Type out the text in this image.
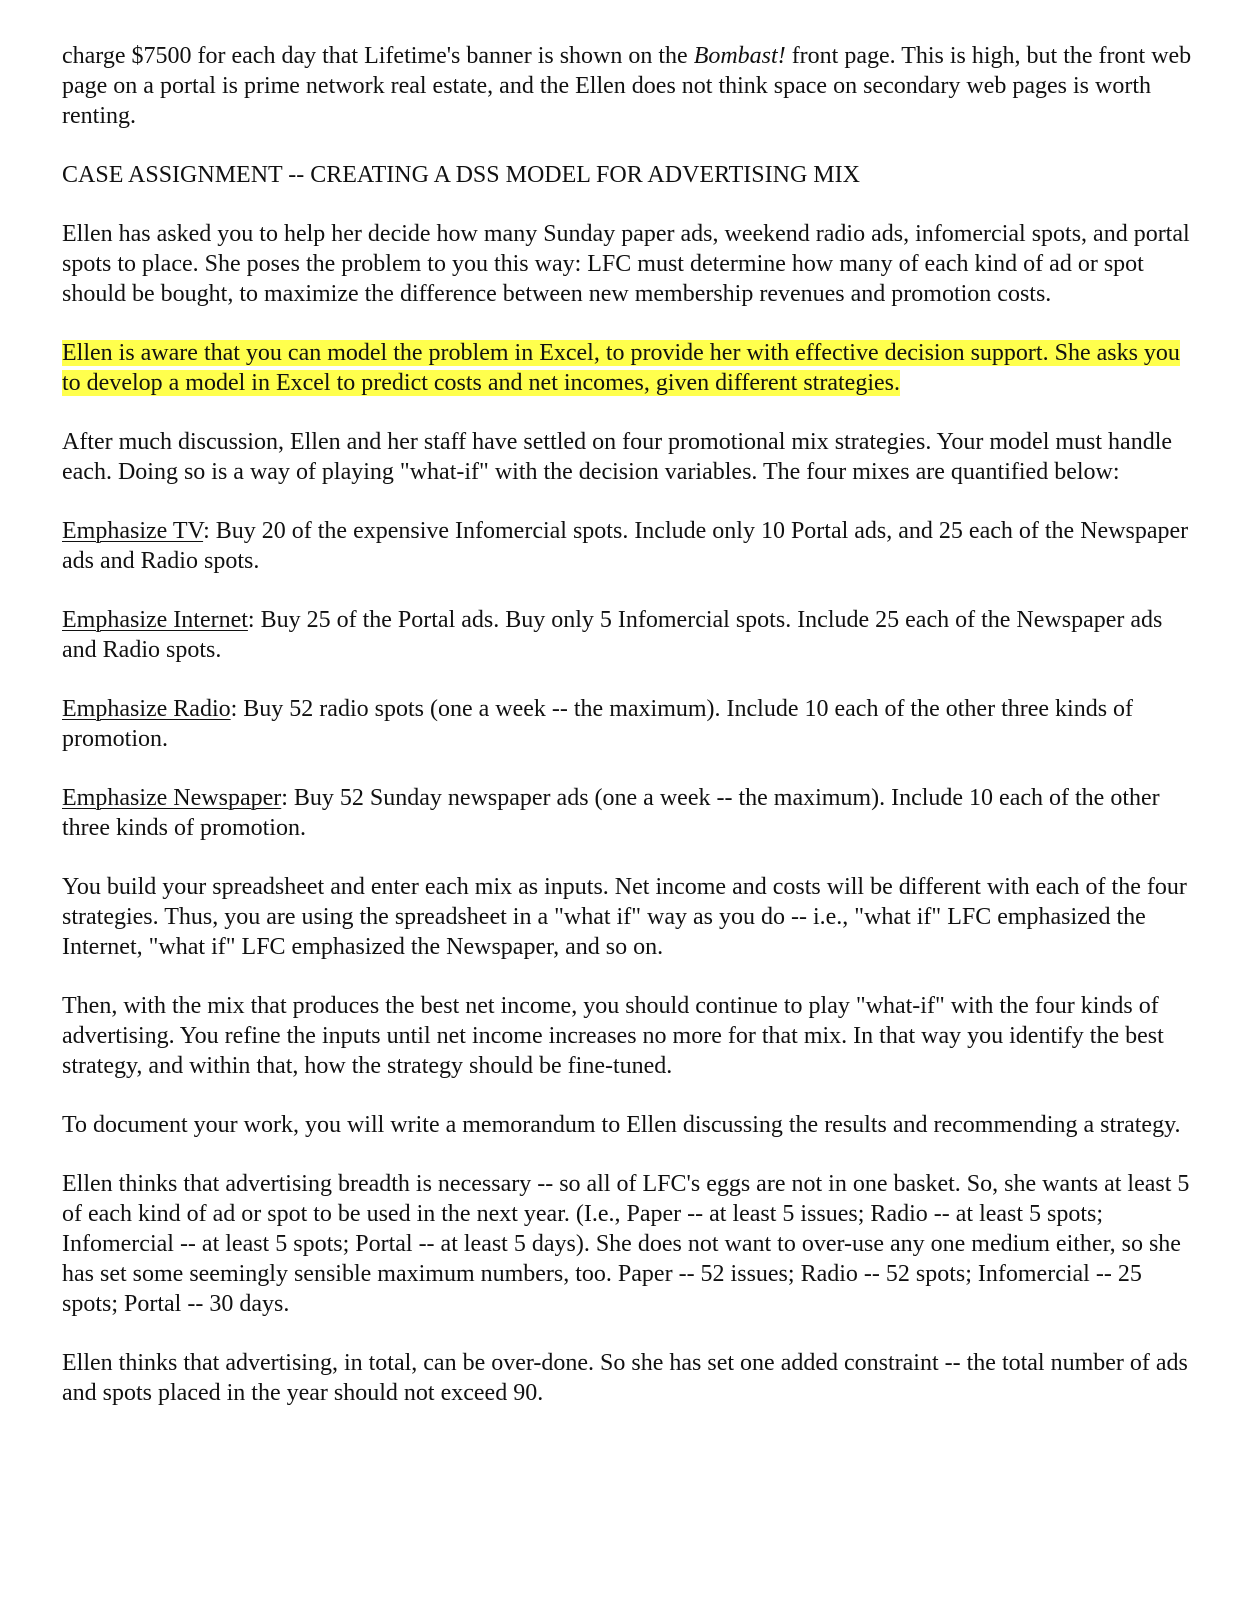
charge $7500 for each day that Lifetime's banner is shown on the Bombast! front page. This is high, but the front web page on a portal is prime network real estate, and the Ellen does not think space on secondary web pages is worth renting.

CASE ASSIGNMENT -- CREATING A DSS MODEL FOR ADVERTISING MIX

Ellen has asked you to help her decide how many Sunday paper ads, weekend radio ads, infomercial spots, and portal spots to place. She poses the problem to you this way: LFC must determine how many of each kind of ad or spot should be bought, to maximize the difference between new membership revenues and promotion costs.

Ellen is aware that you can model the problem in Excel, to provide her with effective decision support. She asks you to develop a model in Excel to predict costs and net incomes, given different strategies.

After much discussion, Ellen and her staff have settled on four promotional mix strategies. Your model must handle each. Doing so is a way of playing "what-if" with the decision variables. The four mixes are quantified below:

Emphasize TV: Buy 20 of the expensive Infomercial spots. Include only 10 Portal ads, and 25 each of the Newspaper ads and Radio spots.

Emphasize Internet: Buy 25 of the Portal ads. Buy only 5 Infomercial spots. Include 25 each of the Newspaper ads and Radio spots.

Emphasize Radio: Buy 52 radio spots (one a week -- the maximum). Include 10 each of the other three kinds of promotion.

Emphasize Newspaper: Buy 52 Sunday newspaper ads (one a week -- the maximum). Include 10 each of the other three kinds of promotion.

You build your spreadsheet and enter each mix as inputs. Net income and costs will be different with each of the four strategies. Thus, you are using the spreadsheet in a "what if" way as you do -- i.e., "what if" LFC emphasized the Internet, "what if" LFC emphasized the Newspaper, and so on.

Then, with the mix that produces the best net income, you should continue to play "what-if" with the four kinds of advertising. You refine the inputs until net income increases no more for that mix. In that way you identify the best strategy, and within that, how the strategy should be fine-tuned.

To document your work, you will write a memorandum to Ellen discussing the results and recommending a strategy.

Ellen thinks that advertising breadth is necessary -- so all of LFC's eggs are not in one basket. So, she wants at least 5 of each kind of ad or spot to be used in the next year. (I.e., Paper -- at least 5 issues; Radio -- at least 5 spots; Infomercial -- at least 5 spots; Portal -- at least 5 days). She does not want to over-use any one medium either, so she has set some seemingly sensible maximum numbers, too. Paper -- 52 issues; Radio -- 52 spots; Infomercial -- 25 spots; Portal -- 30 days.

Ellen thinks that advertising, in total, can be over-done. So she has set one added constraint -- the total number of ads and spots placed in the year should not exceed 90.
